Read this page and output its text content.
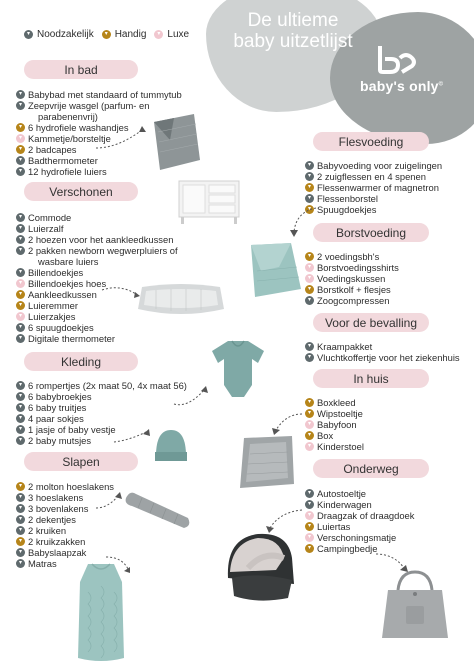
De ultieme
baby uitzetlijst
baby's only©
▾ Noodzakelijk	▾ Handig	▾ Luxe
In bad
▾ Babybad met standaard of tummytub
▾ Zeepvrije wasgel (parfum- en
parabenenvrij)
▾ 6 hydrofiele washandjes
▾ Kammetje/borsteltje
▾ 2 badcapes
▾ Badthermometer
▾ 12 hydrofiele luiers
Verschonen
▾ Commode
▾ Luierzalf
▾ 2 hoezen voor het aankleedkussen
▾ 2 pakken newborn wegwerpluiers of
wasbare luiers
▾ Billendoekjes
▾ Billendoekjes hoes
▾ Aankleedkussen
▾ Luieremmer
▾ Luierzakjes
▾ 6 spuugdoekjes
▾ Digitale thermometer
Kleding
▾ 6 rompertjes (2x maat 50, 4x maat 56)
▾ 6 babybroekjes
▾ 6 baby truitjes
▾ 4 paar sokjes
▾ 1 jasje of baby vestje
▾ 2 baby mutsjes
Slapen
▾ 2 molton hoeslakens
▾ 3 hoeslakens
▾ 3 bovenlakens
▾ 2 dekentjes
▾ 2 kruiken
▾ 2 kruikzakken
▾ Babyslaapzak
▾ Matras
Flesvoeding
▾ Babyvoeding voor zuigelingen
▾ 2 zuigflessen en 4 spenen
▾ Flessenwarmer of magnetron
▾ Flessenborstel
▾ Spuugdoekjes
Borstvoeding
▾ 2 voedingsbh's
▾ Borstvoedingsshirts
▾ Voedingskussen
▾ Borstkolf + flesjes
▾ Zoogcompressen
Voor de bevalling
▾ Kraampakket
▾ Vluchtkoffertje voor het ziekenhuis
In huis
▾ Boxkleed
▾ Wipstoeltje
▾ Babyfoon
▾ Box
▾ Kinderstoel
Onderweg
▾ Autostoeltje
▾ Kinderwagen
▾ Draagzak of draagdoek
▾ Luiertas
▾ Verschoningsmatje
▾ Campingbedje
